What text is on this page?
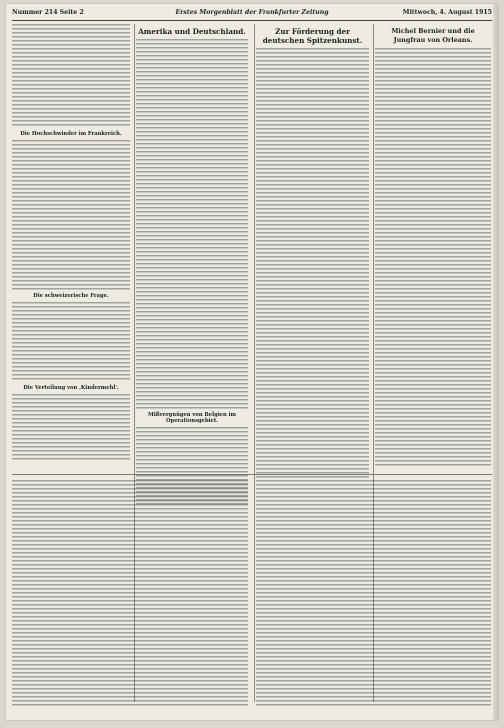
Nummer 214 Seite 2	Erstes Morgenblatt der Frankfurter Zeitung	Mittwoch, 4. August 1915
Die Hochschwinder im Frankreich.
Die schweizerische Frage.
Die Verteilung von ‚Kindermehl'.
Amerika und Deutschland.
Mißvergnügen von Belgien im Operationsgebiet.
Zur Förderung der deutschen Spitzenkunst.
Michel Bernier und die Jungfrau von Orleans.
